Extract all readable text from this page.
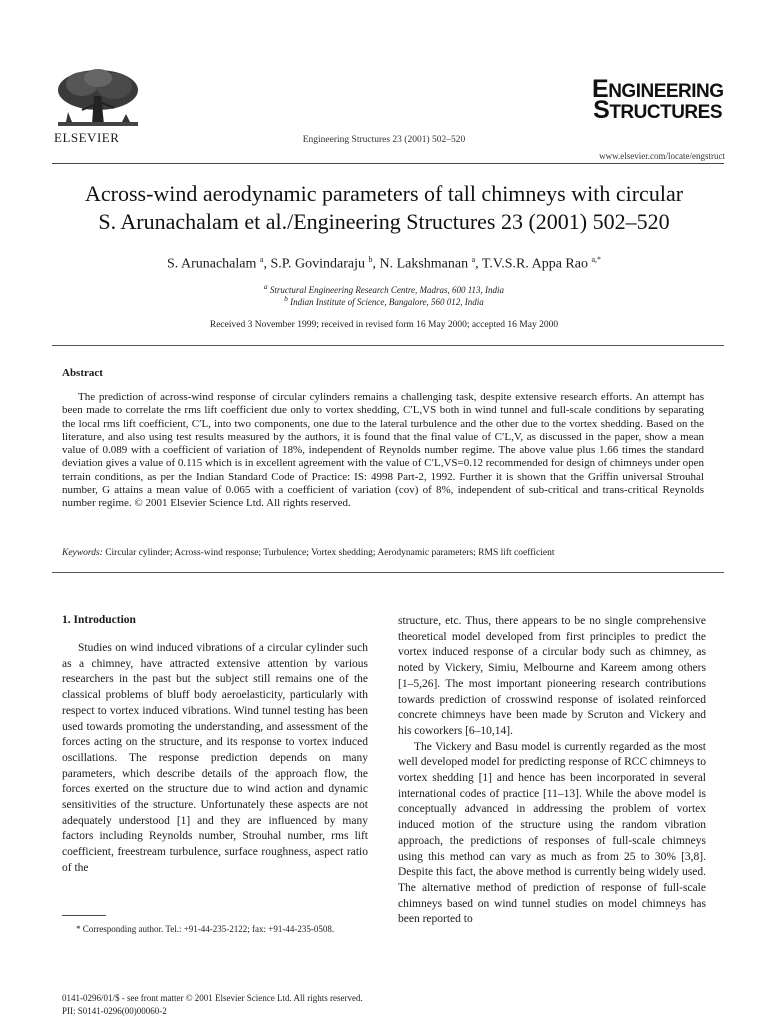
ELSEVIER	Engineering Structures 23 (2001) 502–520
ENGINEERING
STRUCTURES
www.elsevier.com/locate/engstruct
Across-wind aerodynamic parameters of tall chimneys with circular
S. Arunachalam et al./Engineering Structures 23 (2001) 502–520
S. Arunachalam $^a$, S.P. Govindaraju $^b$, N. Lakshmanan $^a$, T.V.S.R. Appa Rao $^{a,*}$
$^a$ Structural Engineering Research Centre, Madras, 600 113, India
$^b$ Indian Institute of Science, Bangalore, 560 012, India
Received 3 November 1999; received in revised form 16 May 2000; accepted 16 May 2000
Abstract
The prediction of across-wind response of circular cylinders remains a challenging task, despite extensive research efforts. An attempt has been made to correlate the rms lift coefficient due only to vortex shedding, C′L,VS both in wind tunnel and full-scale conditions by separating the local rms lift coefficient, C′L, into two components, one due to the lateral turbulence and the other due to the vortex shedding. Based on the literature, and also using test results measured by the authors, it is found that the final value of C′L,V, as discussed in the paper, show a mean value of 0.089 with a coefficient of variation of 18%, independent of Reynolds number regime. The above value plus 1.66 times the standard deviation gives a value of 0.115 which is in excellent agreement with the value of C′L,VS=0.12 recommended for design of chimneys under open terrain conditions, as per the Indian Standard Code of Practice: IS: 4998 Part-2, 1992. Further it is shown that the Griffin universal Strouhal number, G attains a mean value of 0.065 with a coefficient of variation (cov) of 8%, independent of sub-critical and trans-critical Reynolds number regime. © 2001 Elsevier Science Ltd. All rights reserved.
Keywords: Circular cylinder; Across-wind response; Turbulence; Vortex shedding; Aerodynamic parameters; RMS lift coefficient
1. Introduction
Studies on wind induced vibrations of a circular cylinder such as a chimney, have attracted extensive attention by various researchers in the past but the subject still remains one of the classical problems of bluff body aeroelasticity, particularly with respect to vortex induced vibrations. Wind tunnel testing has been used towards promoting the understanding, and assessment of the forces acting on the structure, and its response to vortex induced oscillations. The response prediction depends on many parameters, which describe details of the approach flow, the forces exerted on the structure due to wind action and dynamic sensitivities of the structure. Unfortunately these aspects are not adequately understood [1] and they are influenced by many factors including Reynolds number, Strouhal number, rms lift coefficient, freestream turbulence, surface roughness, aspect ratio of the

structure, etc. Thus, there appears to be no single comprehensive theoretical model developed from first principles to predict the vortex induced response of a circular body such as chimney, as noted by Vickery, Simiu, Melbourne and Kareem among others [1–5,26]. The most important pioneering research contributions towards prediction of crosswind response of isolated reinforced concrete chimneys have been made by Scruton and Vickery and his coworkers [6–10,14].

The Vickery and Basu model is currently regarded as the most well developed model for predicting response of RCC chimneys to vortex shedding [1] and hence has been incorporated in several international codes of practice [11–13]. While the above model is conceptually advanced in addressing the problem of vortex induced motion of the structure using the random vibration approach, the predictions of responses of full-scale chimneys using this method can vary as much as from 25 to 30% [3,8]. Despite this fact, the above method is currently being widely used. The alternative method of prediction of response of full-scale chimneys based on wind tunnel studies on model chimneys has been reported to

* Corresponding author. Tel.: +91-44-235-2122; fax: +91-44-235-0508.
0141-0296/01/$ - see front matter © 2001 Elsevier Science Ltd. All rights reserved.
PII: S0141-0296(00)00060-2
